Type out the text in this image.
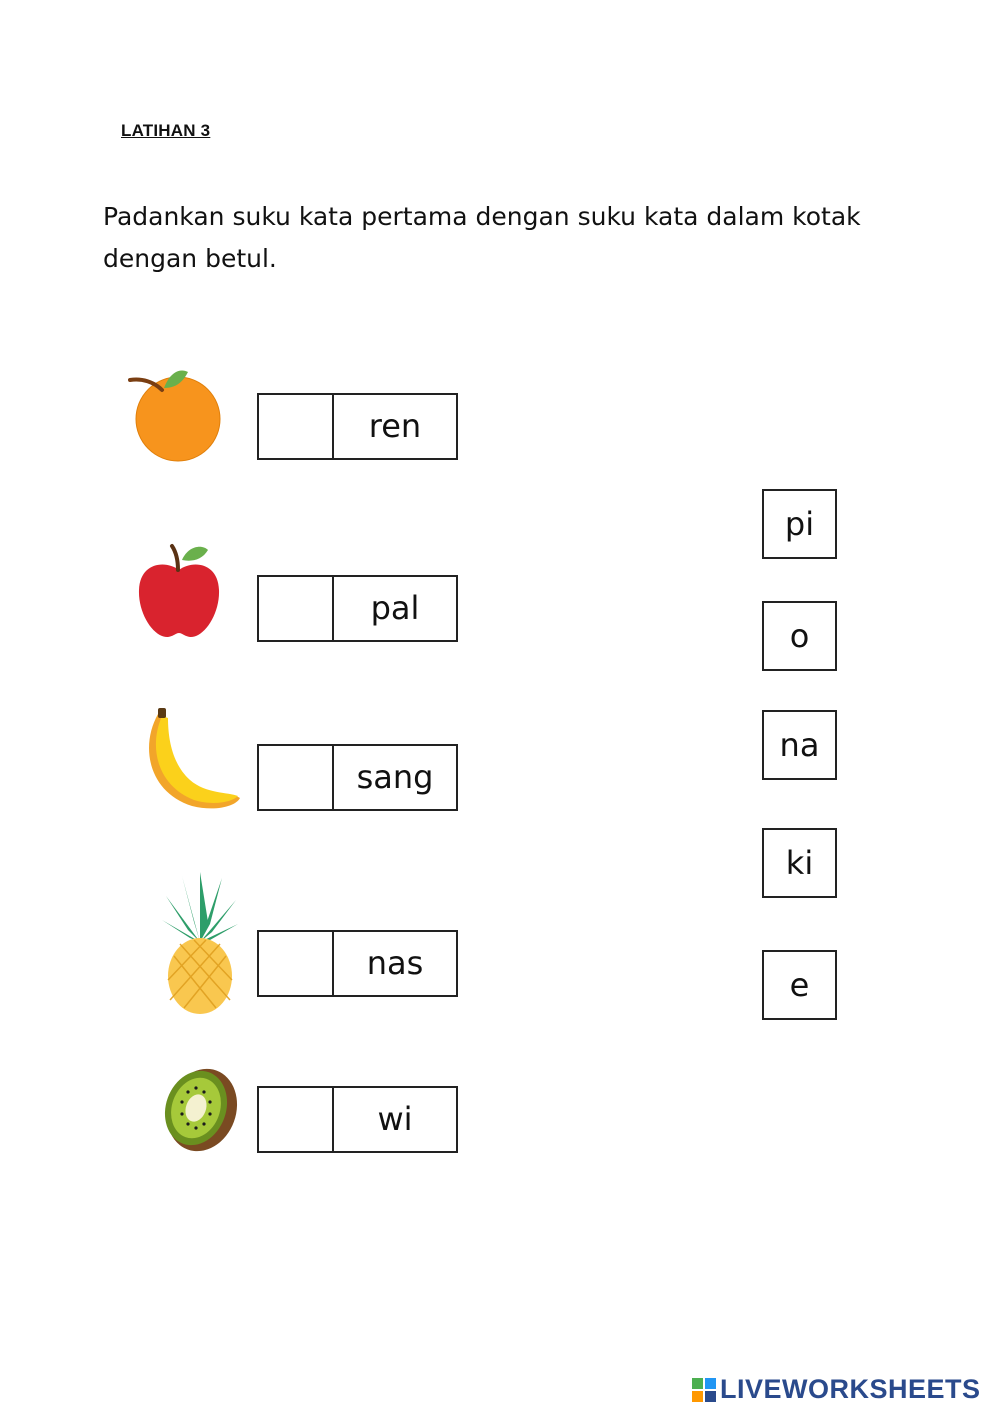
LATIHAN 3
Padankan suku kata pertama dengan suku kata dalam kotak dengan betul.
ren
pal
sang
nas
wi
pi
o
na
ki
e
LIVEWORKSHEETS
